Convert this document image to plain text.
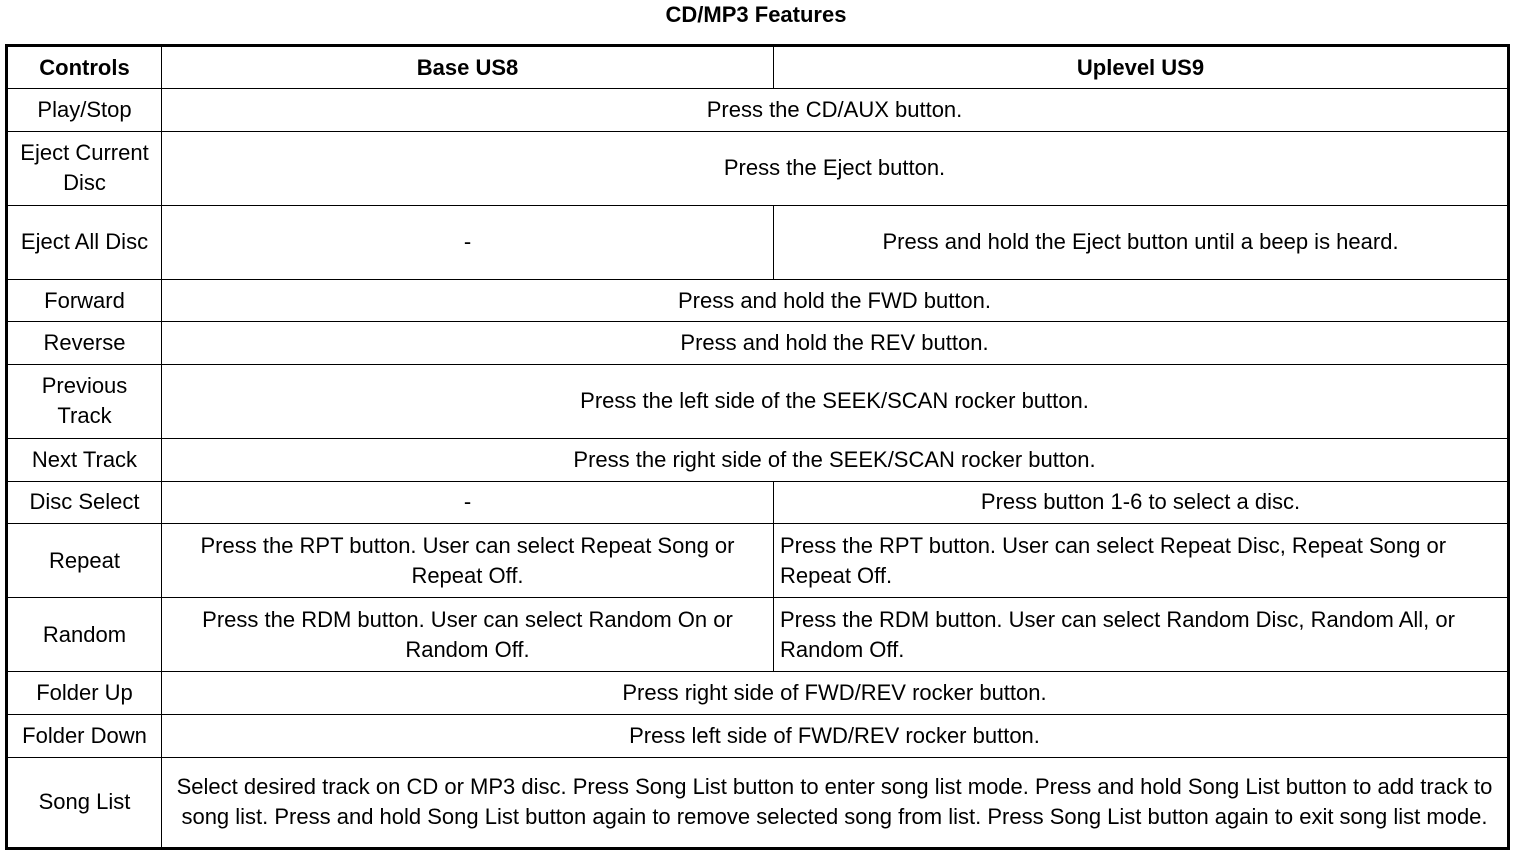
CD/MP3 Features
Controls	Base US8	Uplevel US9
Play/Stop	Press the CD/AUX button.	
Eject Current Disc	Press the Eject button.	
Eject All Disc	-	Press and hold the Eject button until a beep is heard.
Forward	Press and hold the FWD button.	
Reverse	Press and hold the REV button.	
Previous Track	Press the left side of the SEEK/SCAN rocker button.	
Next Track	Press the right side of the SEEK/SCAN rocker button.	
Disc Select	-	Press button 1-6 to select a disc.
Repeat	Press the RPT button. User can select Repeat Song or Repeat Off.	Press the RPT button. User can select Repeat Disc, Repeat Song or Repeat Off.
Random	Press the RDM button. User can select Random On or Random Off.	Press the RDM button. User can select Random Disc, Random All, or Random Off.
Folder Up	Press right side of FWD/REV rocker button.	
Folder Down	Press left side of FWD/REV rocker button.	
Song List	Select desired track on CD or MP3 disc. Press Song List button to enter song list mode. Press and hold Song List button to add track to song list. Press and hold Song List button again to remove selected song from list. Press Song List button again to exit song list mode.	
